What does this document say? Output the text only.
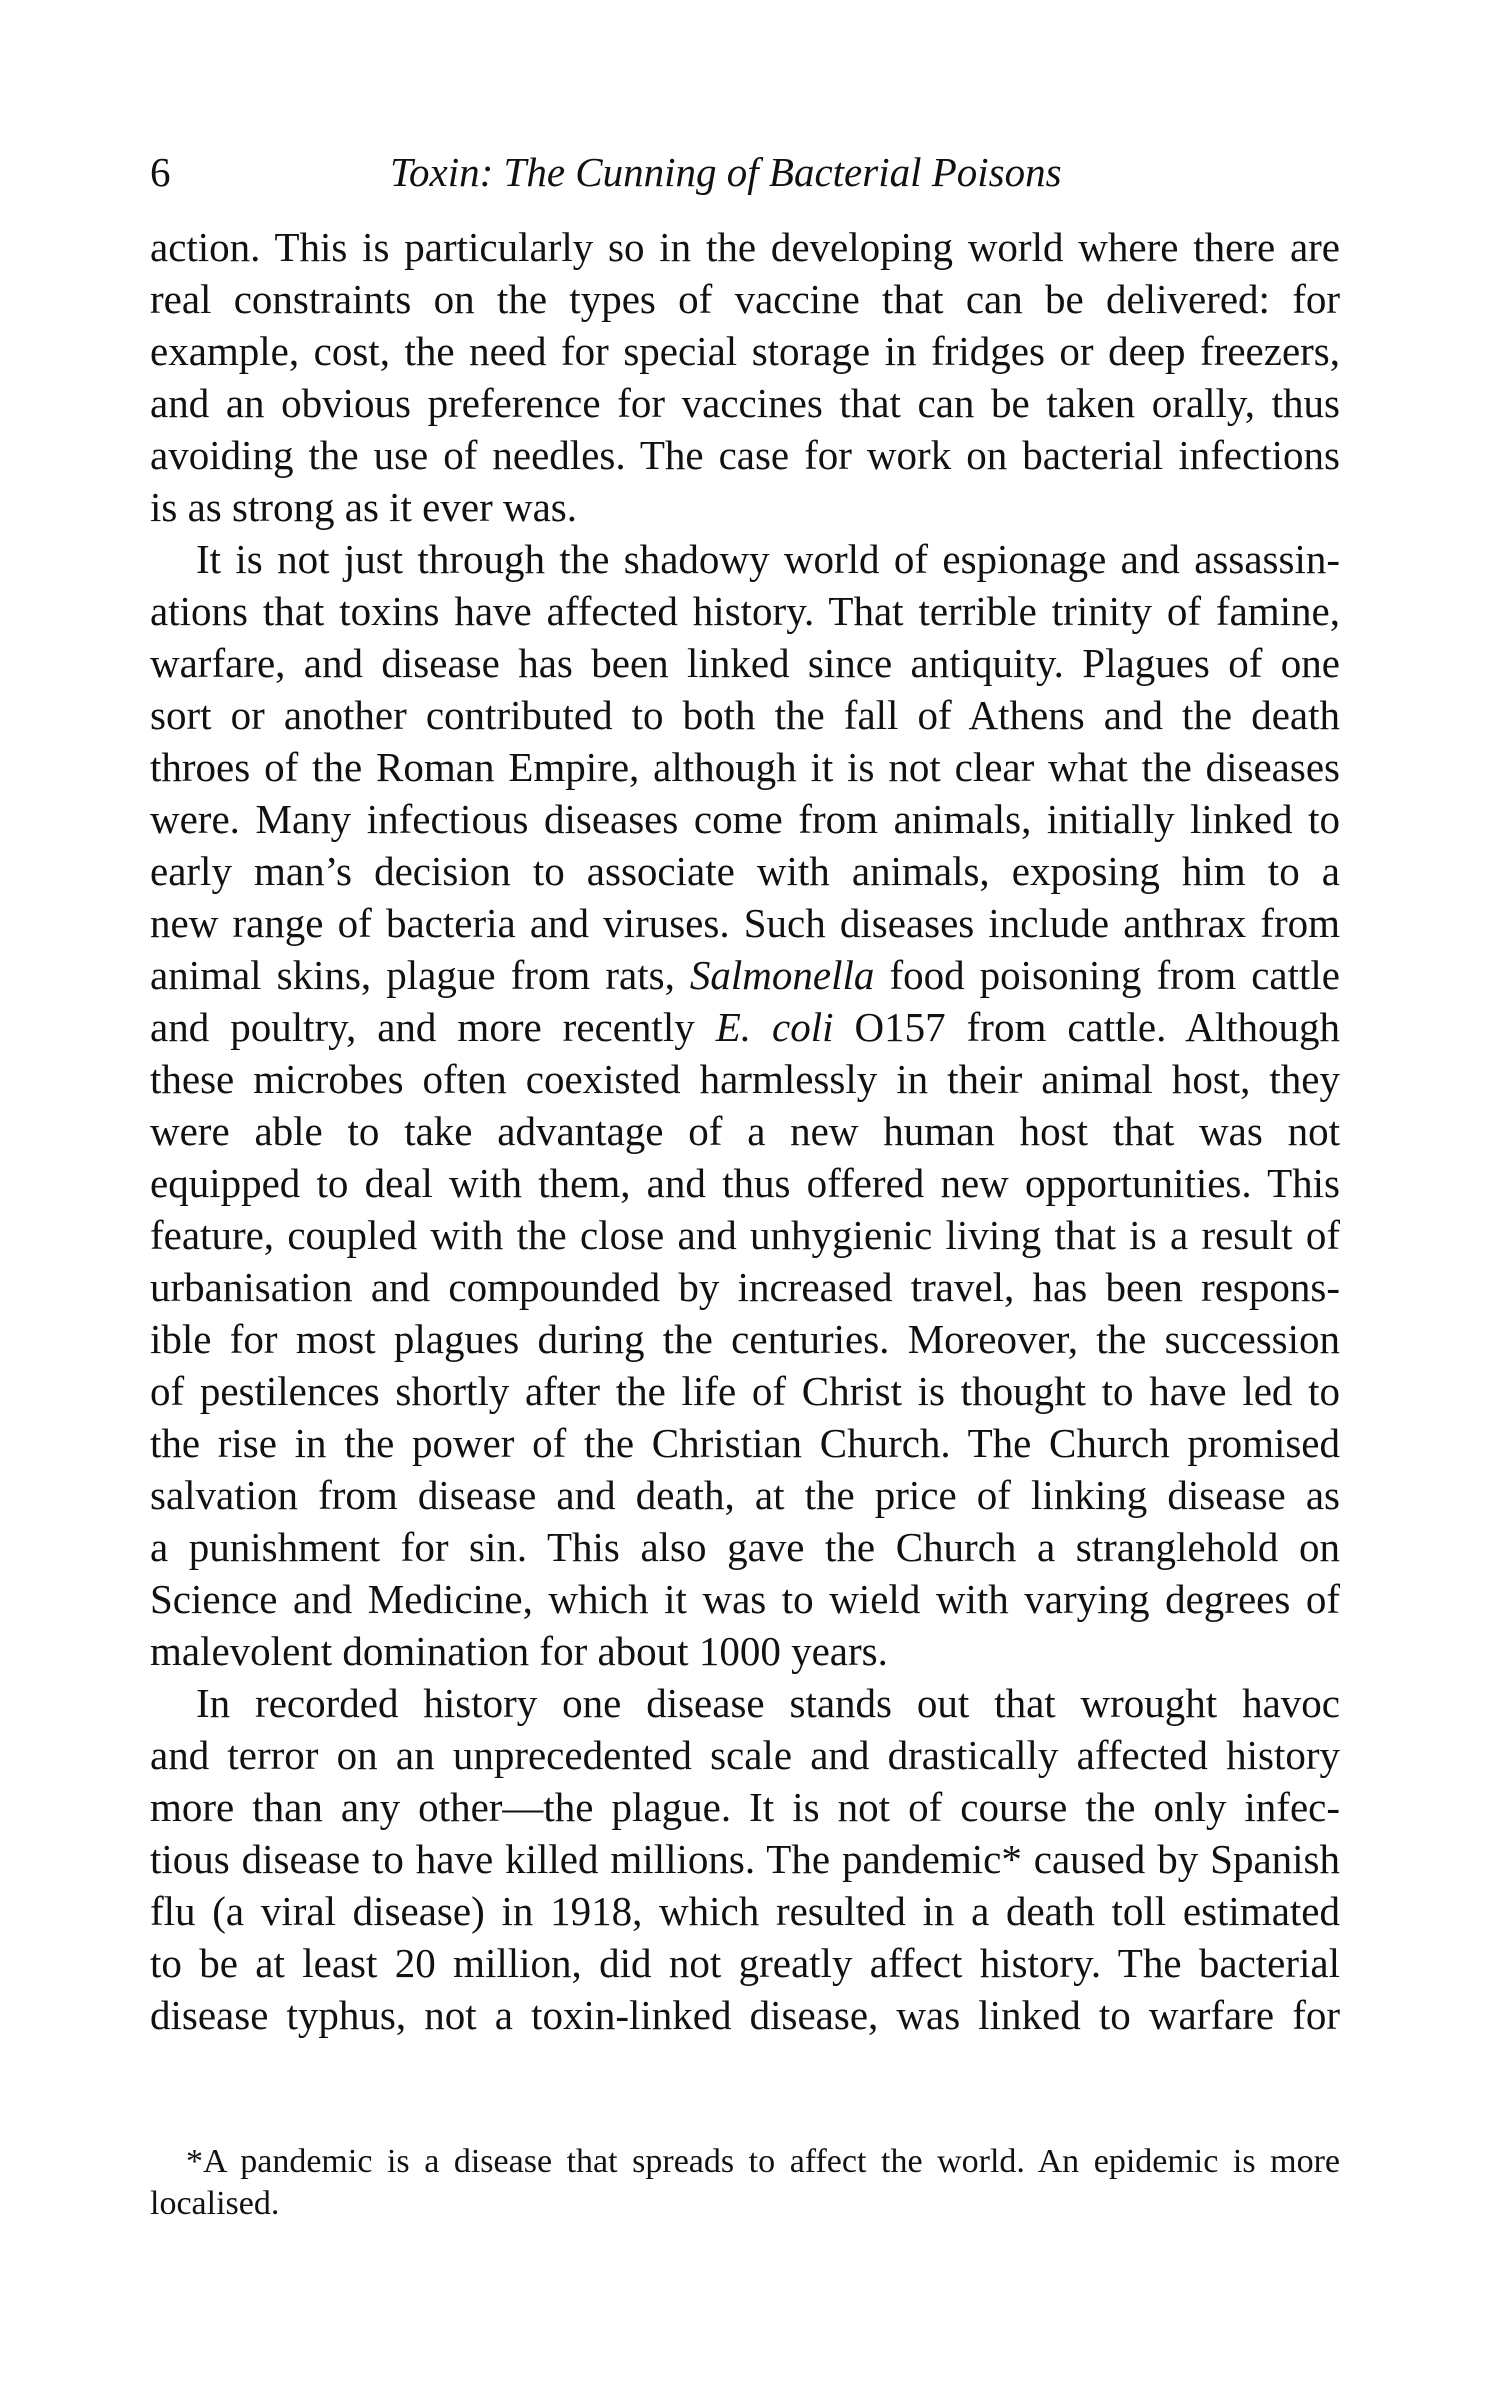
6	Toxin: The Cunning of Bacterial Poisons
action. This is particularly so in the developing world where there are
real constraints on the types of vaccine that can be delivered: for
example, cost, the need for special storage in fridges or deep freezers,
and an obvious preference for vaccines that can be taken orally, thus
avoiding the use of needles. The case for work on bacterial infections
is as strong as it ever was.
It is not just through the shadowy world of espionage and assassin-
ations that toxins have affected history. That terrible trinity of famine,
warfare, and disease has been linked since antiquity. Plagues of one
sort or another contributed to both the fall of Athens and the death
throes of the Roman Empire, although it is not clear what the diseases
were. Many infectious diseases come from animals, initially linked to
early man’s decision to associate with animals, exposing him to a
new range of bacteria and viruses. Such diseases include anthrax from
animal skins, plague from rats, Salmonella food poisoning from cattle
and poultry, and more recently E. coli O157 from cattle. Although
these microbes often coexisted harmlessly in their animal host, they
were able to take advantage of a new human host that was not
equipped to deal with them, and thus offered new opportunities. This
feature, coupled with the close and unhygienic living that is a result of
urbanisation and compounded by increased travel, has been respons-
ible for most plagues during the centuries. Moreover, the succession
of pestilences shortly after the life of Christ is thought to have led to
the rise in the power of the Christian Church. The Church promised
salvation from disease and death, at the price of linking disease as
a punishment for sin. This also gave the Church a stranglehold on
Science and Medicine, which it was to wield with varying degrees of
malevolent domination for about 1000 years.
In recorded history one disease stands out that wrought havoc
and terror on an unprecedented scale and drastically affected history
more than any other—the plague. It is not of course the only infec-
tious disease to have killed millions. The pandemic* caused by Spanish
flu (a viral disease) in 1918, which resulted in a death toll estimated
to be at least 20 million, did not greatly affect history. The bacterial
disease typhus, not a toxin-linked disease, was linked to warfare for
*A pandemic is a disease that spreads to affect the world. An epidemic is more
localised.
